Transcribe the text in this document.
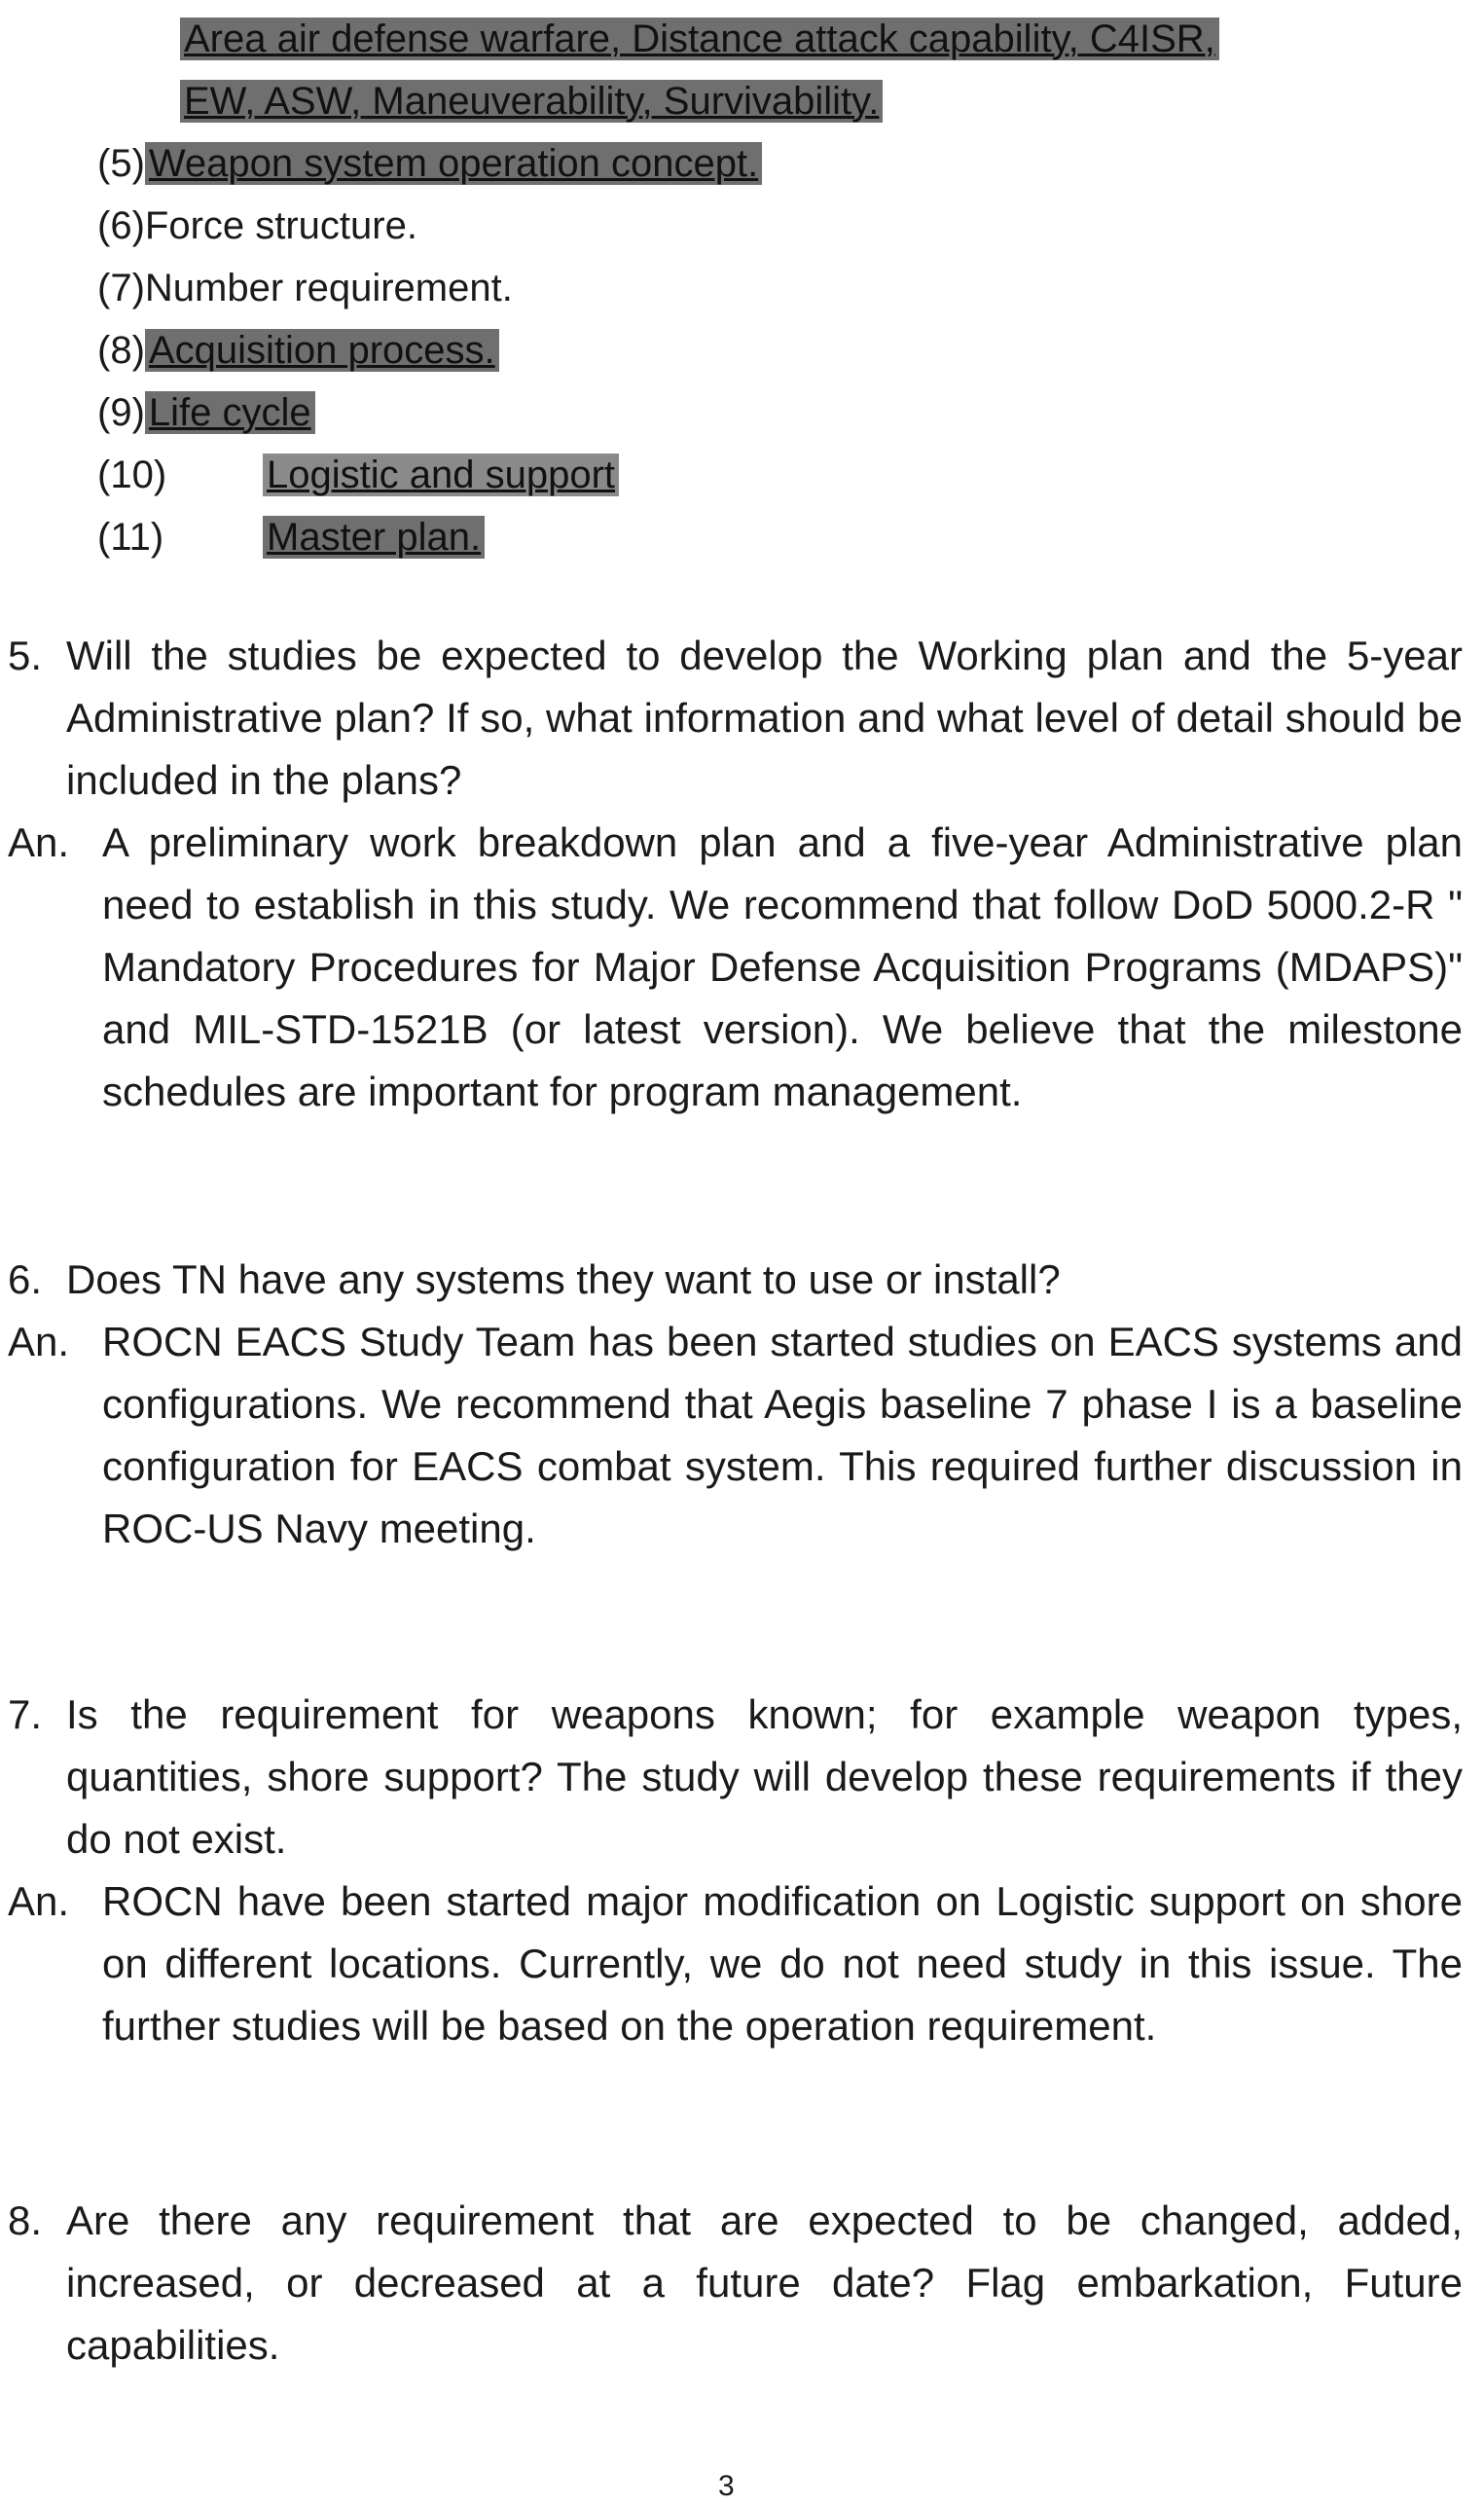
Area air defense warfare, Distance attack capability, C4ISR,
EW, ASW, Maneuverability, Survivability.
(5) Weapon system operation concept.
(6)Force structure.
(7)Number requirement.
(8) Acquisition process.
(9) Life cycle
(10)	Logistic and support
(11)	Master plan.
5. Will the studies be expected to develop the Working plan and the 5-year Administrative plan? If so, what information and what level of detail should be included in the plans?
An. A preliminary work breakdown plan and a five-year Administrative plan need to establish in this study. We recommend that follow DoD 5000.2-R " Mandatory Procedures for Major Defense Acquisition Programs (MDAPS)" and MIL-STD-1521B (or latest version). We believe that the milestone schedules are important for program management.
6. Does TN have any systems they want to use or install?
An. ROCN EACS Study Team has been started studies on EACS systems and configurations. We recommend that Aegis baseline 7 phase I is a baseline configuration for EACS combat system. This required further discussion in ROC-US Navy meeting.
7. Is the requirement for weapons known; for example weapon types, quantities, shore support? The study will develop these requirements if they do not exist.
An. ROCN have been started major modification on Logistic support on shore on different locations. Currently, we do not need study in this issue. The further studies will be based on the operation requirement.
8. Are there any requirement that are expected to be changed, added, increased, or decreased at a future date? Flag embarkation, Future capabilities.
3
